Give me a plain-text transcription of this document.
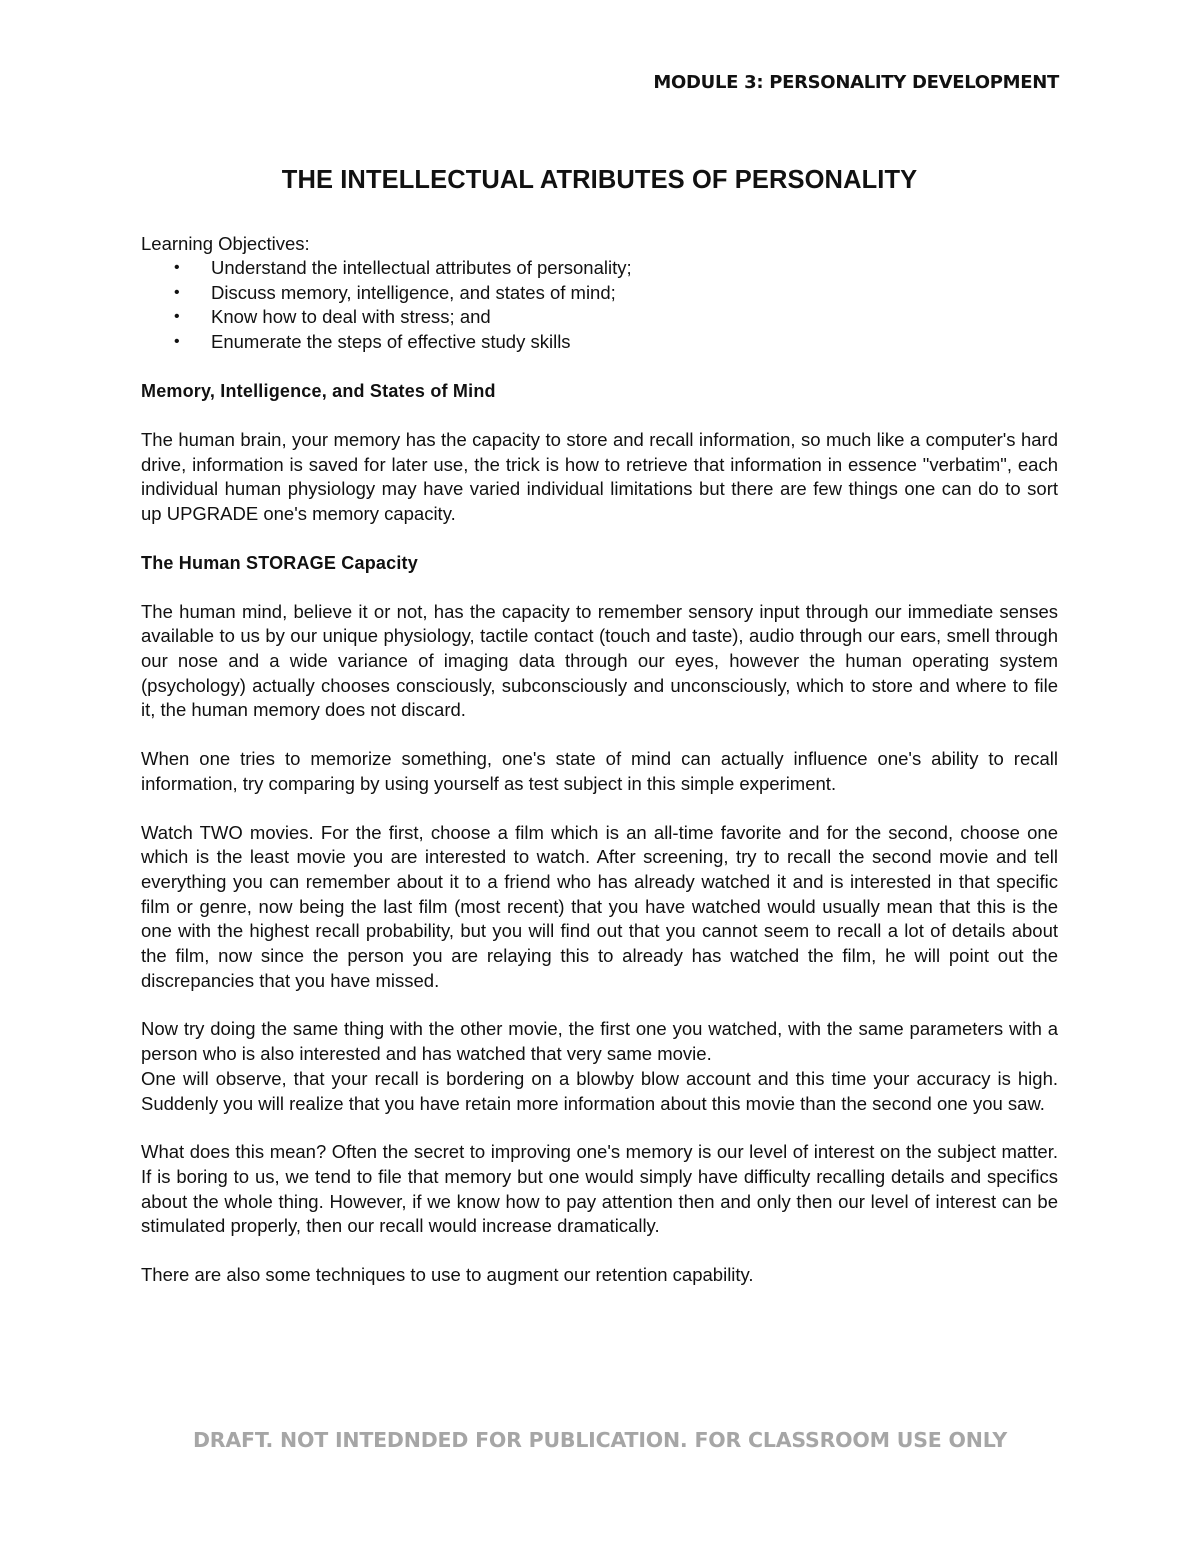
MODULE 3: PERSONALITY DEVELOPMENT
THE INTELLECTUAL ATRIBUTES OF PERSONALITY

Learning Objectives:

• Understand the intellectual attributes of personality;
• Discuss memory, intelligence, and states of mind;
• Know how to deal with stress; and
• Enumerate the steps of effective study skills
Memory, Intelligence, and States of Mind

The human brain, your memory has the capacity to store and recall information, so much like a computer's hard drive, information is saved for later use, the trick is how to retrieve that information in essence "verbatim", each individual human physiology may have varied individual limitations but there are few things one can do to sort up UPGRADE one's memory capacity.

The Human STORAGE Capacity

The human mind, believe it or not, has the capacity to remember sensory input through our immediate senses available to us by our unique physiology, tactile contact (touch and taste), audio through our ears, smell through our nose and a wide variance of imaging data through our eyes, however the human operating system (psychology) actually chooses consciously, subconsciously and unconsciously, which to store and where to file it, the human memory does not discard.

When one tries to memorize something, one's state of mind can actually influence one's ability to recall information, try comparing by using yourself as test subject in this simple experiment.

Watch TWO movies. For the first, choose a film which is an all-time favorite and for the second, choose one which is the least movie you are interested to watch. After screening, try to recall the second movie and tell everything you can remember about it to a friend who has already watched it and is interested in that specific film or genre, now being the last film (most recent) that you have watched would usually mean that this is the one with the highest recall probability, but you will find out that you cannot seem to recall a lot of details about the film, now since the person you are relaying this to already has watched the film, he will point out the discrepancies that you have missed.

Now try doing the same thing with the other movie, the first one you watched, with the same parameters with a person who is also interested and has watched that very same movie.

One will observe, that your recall is bordering on a blowby blow account and this time your accuracy is high. Suddenly you will realize that you have retain more information about this movie than the second one you saw.

What does this mean? Often the secret to improving one's memory is our level of interest on the subject matter. If is boring to us, we tend to file that memory but one would simply have difficulty recalling details and specifics about the whole thing. However, if we know how to pay attention then and only then our level of interest can be stimulated properly, then our recall would increase dramatically.

There are also some techniques to use to augment our retention capability.

DRAFT. NOT INTEDNDED FOR PUBLICATION. FOR CLASSROOM USE ONLY
